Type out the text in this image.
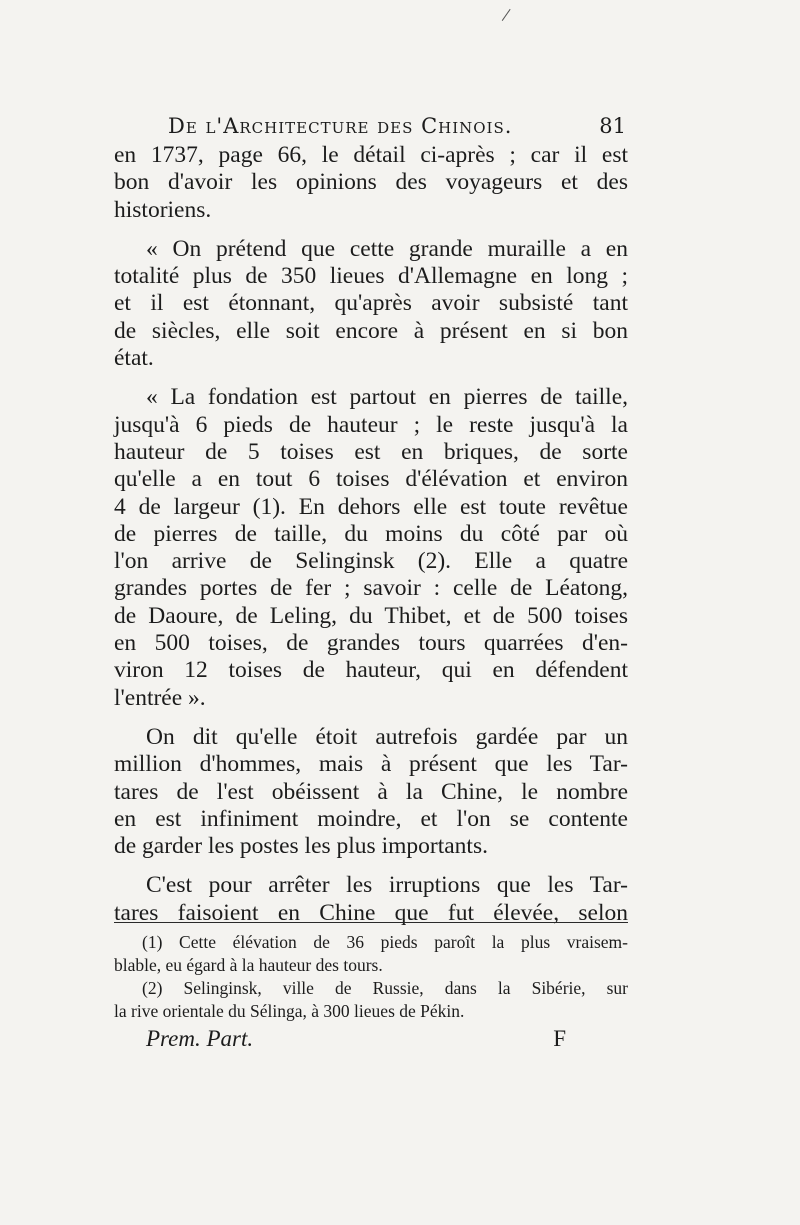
De l'Architecture des Chinois.	81
en 1737, page 66, le détail ci-après ; car il est
bon d'avoir les opinions des voyageurs et des
historiens.
« On prétend que cette grande muraille a en
totalité plus de 350 lieues d'Allemagne en long ;
et il est étonnant, qu'après avoir subsisté tant
de siècles, elle soit encore à présent en si bon
état.
« La fondation est partout en pierres de taille,
jusqu'à 6 pieds de hauteur ; le reste jusqu'à la
hauteur de 5 toises est en briques, de sorte
qu'elle a en tout 6 toises d'élévation et environ
4 de largeur (1). En dehors elle est toute revêtue
de pierres de taille, du moins du côté par où
l'on arrive de Selinginsk (2). Elle a quatre
grandes portes de fer ; savoir : celle de Léatong,
de Daoure, de Leling, du Thibet, et de 500 toises
en 500 toises, de grandes tours quarrées d'en-
viron 12 toises de hauteur, qui en défendent
l'entrée ».
On dit qu'elle étoit autrefois gardée par un
million d'hommes, mais à présent que les Tar-
tares de l'est obéissent à la Chine, le nombre
en est infiniment moindre, et l'on se contente
de garder les postes les plus importants.
C'est pour arrêter les irruptions que les Tar-
tares faisoient en Chine que fut élevée, selon
(1) Cette élévation de 36 pieds paroît la plus vraisem-
blable, eu égard à la hauteur des tours.
(2) Selinginsk, ville de Russie, dans la Sibérie, sur
la rive orientale du Sélinga, à 300 lieues de Pékin.
Prem. Part.	F
